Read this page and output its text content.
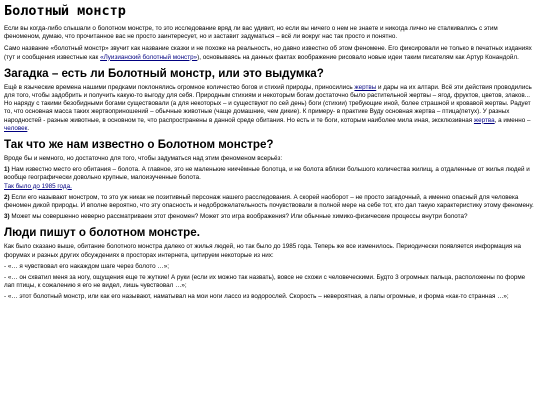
Болотный монстр

Если вы когда-либо слышали о болотном монстре, то это исследование вряд ли вас удивит, но если вы ничего о нем не знаете и никогда лично не сталкивались с этим феноменом, думаю, что прочитанное вас не просто заинтересует, но и заставит задуматься – всё ли вокруг нас так просто и понятно.

Само название «болотный монстр» звучит как название сказки и не похоже на реальность, но давно известно об этом феномене. Его фиксировали не только в печатных изданиях (тут и сообщения известные как «Луизианский болотный монстр»), основываясь на данных фактах воображение рисовало новые идеи таким писателям как Артур Конандойл.

Загадка – есть ли Болотный монстр, или это выдумка?

Ещё в языческие времена нашими предками поклонялись огромное количество богов и стихий природы, приносились жертвы и дары на их алтари. Всё эти действия проводились для того, чтобы задобрить и получить какую-то выгоду для себя. Природным стихиям и некоторым богам достаточно было растительной жертвы – ягод, фруктов, цветов, злаков... Но наряду с такими безобидными богами существовали (а для некоторых – и существуют по сей день) боги (стихии) требующие иной, более страшной и кровавой жертвы. Радует то, что основная масса таких жертвоприношений – обычные животные (чаще домашние, чем дикие). К примеру- в практике Вуду основная жертва – птица(петух). У разных народностей - разные животные, в основном те, что распространены в данной среде обитания. Но есть и те боги, которым наиболее мила иная, эксклюзивная жертва, а именно – человек.

Так что же нам известно о Болотном монстре?

Вроде бы и немного, но достаточно для того, чтобы задуматься над этим феноменом всерьёз:

1) Нам известно место его обитания – болота. А главное, это не маленькие никчёмные болотца, и не болота вблизи большого количества жилищ, а отдаленные от жилья людей и вообще географически довольно крупные, малоизученные болота.
Так было до 1985 года.

2) Если его называют монстром, то это уж никак не позитивный персонаж нашего расследования. А скорей наоборот – не просто загадочный, а именно опасный для человека феномен дикой природы. И вполне вероятно, что эту опасность и недоброжелательность почувствовали в полной мере на себе тот, кто дал такую характеристику этому феномену.

3) Может мы совершенно неверно рассматриваем этот феномен? Может это игра воображения? Или обычные химико-физические процессы внутри болота?

Люди пишут о болотном монстре.

Как было сказано выше, обитание болотного монстра далеко от жилья людей, но так было до 1985 года. Теперь же все изменилось. Периодически появляется информация на форумах и разных других обсуждениях в просторах интернета, цитируем некоторые из них:

- «… я чувствовал его накаждом шаге через болото …»;

- «… он схватил меня за ногу, ощущения еще те жуткие! А руки (если их можно так назвать), вовсе не схожи с человеческими. Будто 3 огромных пальца, расположены по форме лап птицы, к сожалению я его не видел, лишь чувствовал …»;

- «… этот болотный монстр, или как его называют, наматывал на мои ноги лассо из водорослей. Скорость – невероятная, а лапы огромные, и форма «как-то странная …»;
